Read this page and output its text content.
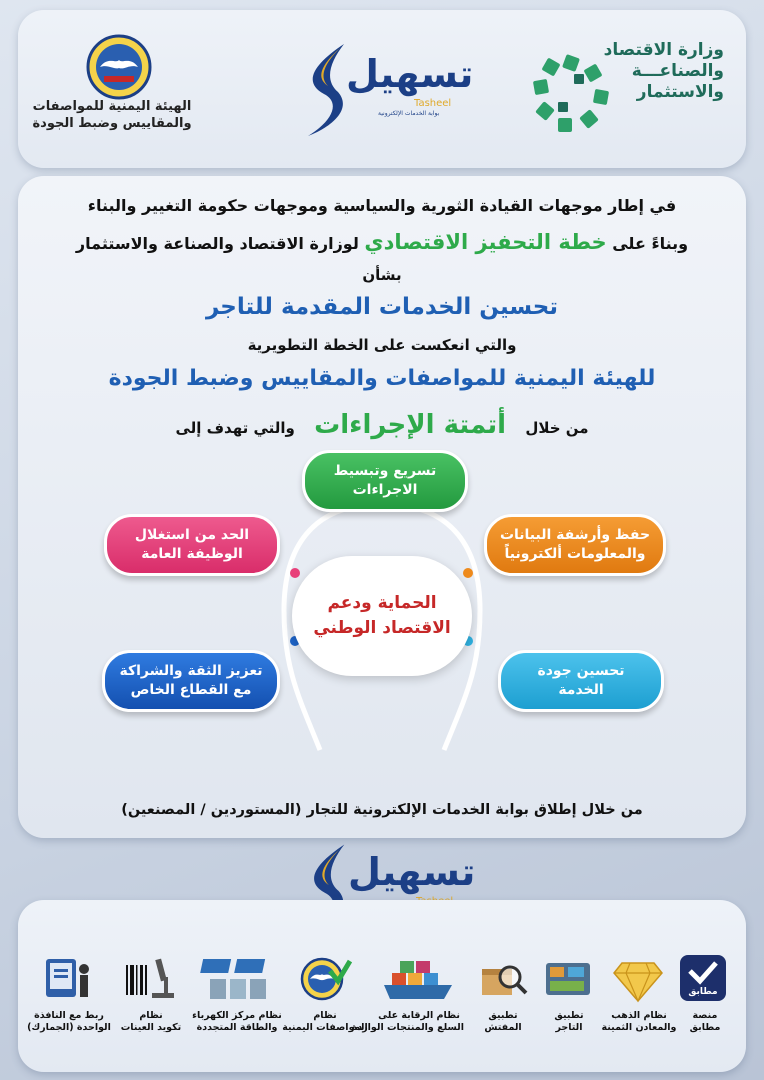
وزارة الاقتصاد
والصناعـــة
والاستثمار
تسهيل
Tasheel
بوابة الخدمات الإلكترونية
الهيئة اليمنية للمواصفات
والمقاييس وضبط الجودة
في إطار موجهات القيادة الثورية والسياسية وموجهات حكومة التغيير والبناء
وبناءً على خطة التحفيز الاقتصادي لوزارة الاقتصاد والصناعة والاستثمار
بشأن
تحسين الخدمات المقدمة للتاجر
والتي انعكست على الخطة التطويرية
للهيئة اليمنية للمواصفات والمقاييس وضبط الجودة
من خلال أتمتة الإجراءات والتي تهدف إلى
تسريع وتبسيط
الاجراءات
حفظ وأرشفة البيانات
والمعلومات ألكترونياً
الحد من استغلال
الوظيفة العامة
تحسين جودة
الخدمة
تعزيز الثقة والشراكة
مع القطاع الخاص
الحماية ودعم
الاقتصاد الوطني
من خلال إطلاق بوابة الخدمات الإلكترونية للتجار (المستوردين / المصنعين)
تسهيل
مطابق
منصة
مطابق
نظام الذهب
والمعادن الثمينة
تطبيق
التاجر
تطبيق
المفتش
نظام الرقابة على
السلع والمنتجات الواردة
نظام
المواصفات اليمنية
نظام مركز الكهرباء
والطاقة المتجددة
نظام
تكويد العينات
ربط مع النافذة
الواحدة (الجمارك)
